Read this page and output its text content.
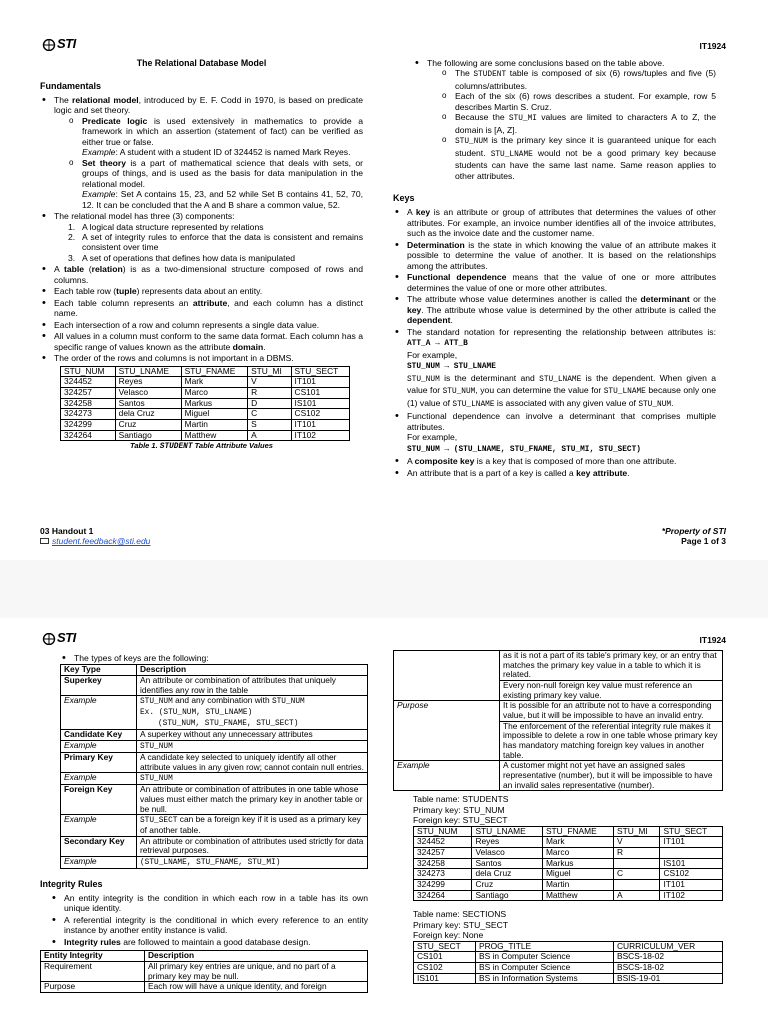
STI	IT1924
The Relational Database Model
Fundamentals
• The relational model, introduced by E. F. Codd in 1970, is based on predicate logic and set theory.
o Predicate logic is used extensively in mathematics to provide a framework in which an assertion (statement of fact) can be verified as either true or false.
Example: A student with a student ID of 324452 is named Mark Reyes.
o Set theory is a part of mathematical science that deals with sets, or groups of things, and is used as the basis for data manipulation in the relational model.
Example: Set A contains 15, 23, and 52 while Set B contains 41, 52, 70, 12. It can be concluded that the A and B share a common value, 52.
• The relational model has three (3) components:
1. A logical data structure represented by relations
2. A set of integrity rules to enforce that the data is consistent and remains consistent over time
3. A set of operations that defines how data is manipulated
• A table (relation) is as a two-dimensional structure composed of rows and columns.
• Each table row (tuple) represents data about an entity.
• Each table column represents an attribute, and each column has a distinct name.
• Each intersection of a row and column represents a single data value.
• All values in a column must conform to the same data format. Each column has a specific range of values known as the attribute domain.
• The order of the rows and columns is not important in a DBMS.
STU_NUM	STU_LNAME	STU_FNAME	STU_MI	STU_SECT
324452	Reyes	Mark	V	IT101
324257	Velasco	Marco	R	CS101
324258	Santos	Markus	D	IS101
324273	dela Cruz	Miguel	C	CS102
324299	Cruz	Martin	S	IT101
324264	Santiago	Matthew	A	IT102
Table 1. STUDENT Table Attribute Values
• The following are some conclusions based on the table above.
o The STUDENT table is composed of six (6) rows/tuples and five (5) columns/attributes.
o Each of the six (6) rows describes a student. For example, row 5 describes Martin S. Cruz.
o Because the STU_MI values are limited to characters A to Z, the domain is [A, Z].
o STU_NUM is the primary key since it is guaranteed unique for each student. STU_LNAME would not be a good primary key because students can have the same last name. Same reason applies to other attributes.
Keys
• A key is an attribute or group of attributes that determines the values of other attributes. For example, an invoice number identifies all of the invoice attributes, such as the invoice date and the customer name.
• Determination is the state in which knowing the value of an attribute makes it possible to determine the value of another. It is based on the relationships among the attributes.
• Functional dependence means that the value of one or more attributes determines the value of one or more other attributes.
• The attribute whose value determines another is called the determinant or the key. The attribute whose value is determined by the other attribute is called the dependent.
• The standard notation for representing the relationship between attributes is: ATT_A → ATT_B
For example,
STU_NUM → STU_LNAME
STU_NUM is the determinant and STU_LNAME is the dependent. When given a value for STU_NUM, you can determine the value for STU_LNAME because only one (1) value of STU_LNAME is associated with any given value of STU_NUM.
• Functional dependence can involve a determinant that comprises multiple attributes.
For example,
STU_NUM → (STU_LNAME, STU_FNAME, STU_MI, STU_SECT)
• A composite key is a key that is composed of more than one attribute.
• An attribute that is a part of a key is called a key attribute.
03 Handout 1
student.feedback@sti.edu
*Property of STI
Page 1 of 3
STI	IT1924
• The types of keys are the following:
Key Type	Description
Superkey	An attribute or combination of attributes that uniquely identifies any row in the table
Example	STU_NUM and any combination with STU_NUM
Ex. (STU_NUM, STU_LNAME)
(STU_NUM, STU_FNAME, STU_SECT)
Candidate Key	A superkey without any unnecessary attributes
Example	STU_NUM
Primary Key	A candidate key selected to uniquely identify all other attribute values in any given row; cannot contain null entries.
Example	STU_NUM
Foreign Key	An attribute or combination of attributes in one table whose values must either match the primary key in another table or be null.
Example	STU_SECT can be a foreign key if it is used as a primary key of another table.
Secondary Key	An attribute or combination of attributes used strictly for data retrieval purposes.
Example	(STU_LNAME, STU_FNAME, STU_MI)
Integrity Rules
• An entity integrity is the condition in which each row in a table has its own unique identity.
• A referential integrity is the conditional in which every reference to an entity instance by another entity instance is valid.
• Integrity rules are followed to maintain a good database design.
Entity Integrity	Description
Requirement	All primary key entries are unique, and no part of a primary key may be null.
Purpose	Each row will have a unique identity, and foreign
	as it is not a part of its table's primary key, or an entry that matches the primary key value in a table to which it is related.
	Every non-null foreign key value must reference an existing primary key value.
Purpose	It is possible for an attribute not to have a corresponding value, but it will be impossible to have an invalid entry.
	The enforcement of the referential integrity rule makes it impossible to delete a row in one table whose primary key has mandatory matching foreign key values in another table.
Example	A customer might not yet have an assigned sales representative (number), but it will be impossible to have an invalid sales representative (number).
Table name: STUDENTS
Primary key: STU_NUM
Foreign key: STU_SECT
STU_NUM	STU_LNAME	STU_FNAME	STU_MI	STU_SECT
324452	Reyes	Mark	V	IT101
324257	Velasco	Marco	R	
324258	Santos	Markus		IS101
324273	dela Cruz	Miguel	C	CS102
324299	Cruz	Martin		IT101
324264	Santiago	Matthew	A	IT102
Table name: SECTIONS
Primary key: STU_SECT
Foreign key: None
STU_SECT	PROG_TITLE	CURRICULUM_VER
CS101	BS in Computer Science	BSCS-18-02
CS102	BS in Computer Science	BSCS-18-02
IS101	BS in Information Systems	BSIS-19-01
